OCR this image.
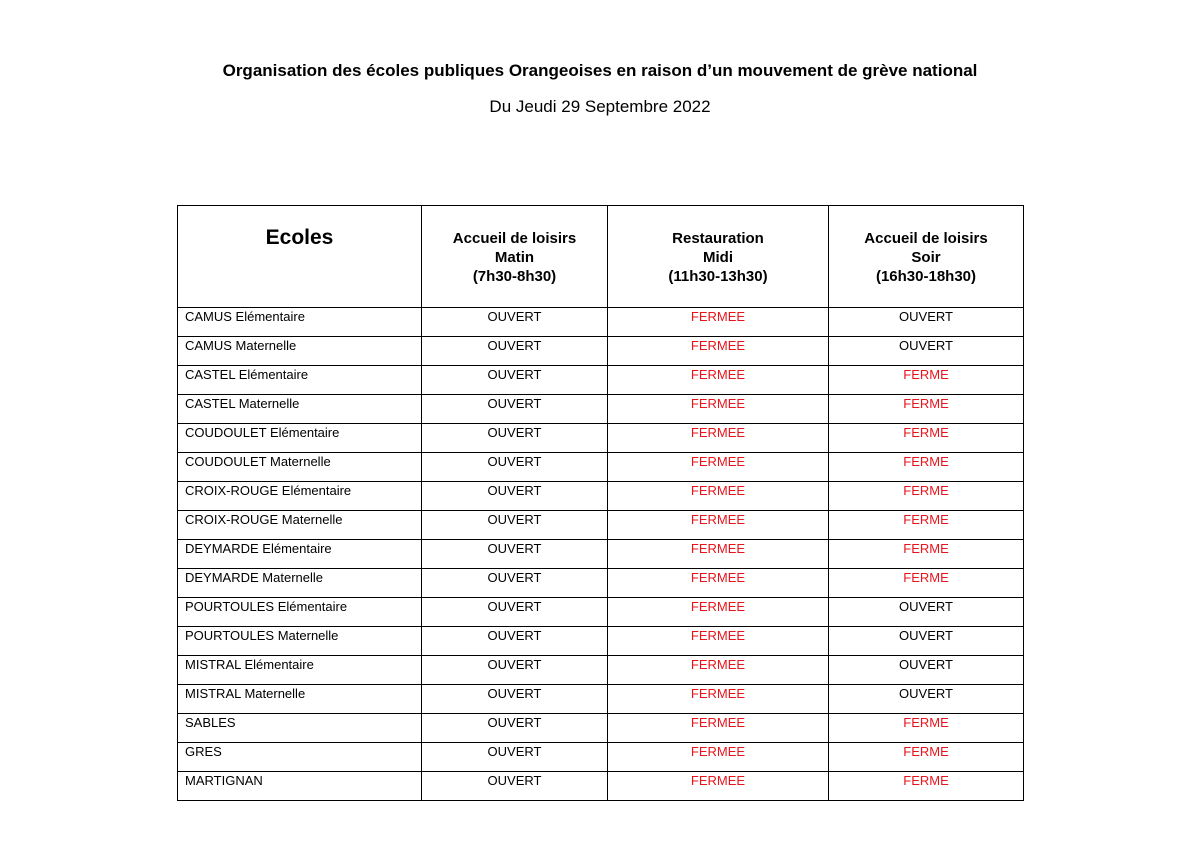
Organisation des écoles publiques Orangeoises en raison d’un mouvement de grève national
Du Jeudi 29 Septembre 2022
Ecoles	Accueil de loisirs
Matin
(7h30-8h30)	Restauration
Midi
(11h30-13h30)	Accueil de loisirs
Soir
(16h30-18h30)

CAMUS Elémentaire	OUVERT	FERMEE	OUVERT
CAMUS Maternelle	OUVERT	FERMEE	OUVERT
CASTEL Elémentaire	OUVERT	FERMEE	FERME
CASTEL Maternelle	OUVERT	FERMEE	FERME
COUDOULET Elémentaire	OUVERT	FERMEE	FERME
COUDOULET Maternelle	OUVERT	FERMEE	FERME
CROIX-ROUGE Elémentaire	OUVERT	FERMEE	FERME
CROIX-ROUGE Maternelle	OUVERT	FERMEE	FERME
DEYMARDE Elémentaire	OUVERT	FERMEE	FERME
DEYMARDE Maternelle	OUVERT	FERMEE	FERME
POURTOULES Elémentaire	OUVERT	FERMEE	OUVERT
POURTOULES Maternelle	OUVERT	FERMEE	OUVERT
MISTRAL Elémentaire	OUVERT	FERMEE	OUVERT
MISTRAL Maternelle	OUVERT	FERMEE	OUVERT
SABLES	OUVERT	FERMEE	FERME
GRES	OUVERT	FERMEE	FERME
MARTIGNAN	OUVERT	FERMEE	FERME
